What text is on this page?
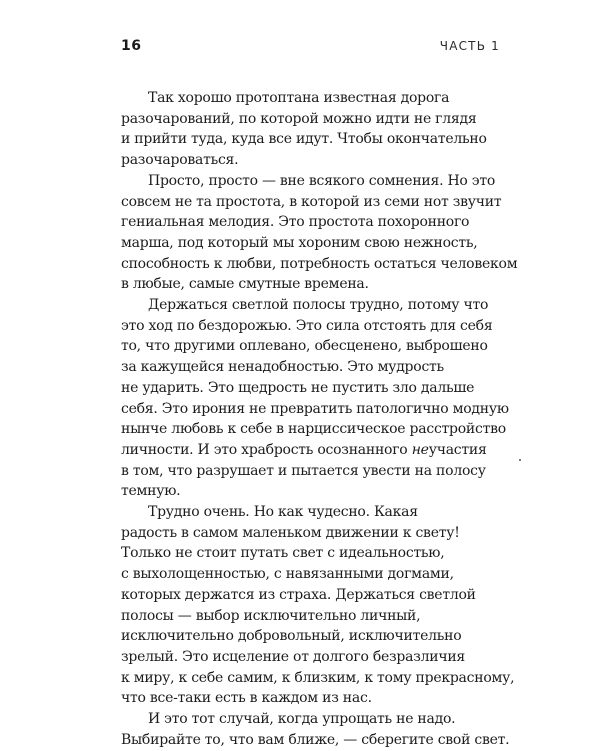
16	ЧАСТЬ 1
Так хорошо протоптана известная дорога
разочарований, по которой можно идти не глядя
и прийти туда, куда все идут. Чтобы окончательно
разочароваться.
Просто, просто — вне всякого сомнения. Но это
совсем не та простота, в которой из семи нот звучит
гениальная мелодия. Это простота похоронного
марша, под который мы хороним свою нежность,
способность к любви, потребность остаться человеком
в любые, самые смутные времена.
Держаться светлой полосы трудно, потому что
это ход по бездорожью. Это сила отстоять для себя
то, что другими оплевано, обесценено, выброшено
за кажущейся ненадобностью. Это мудрость
не ударить. Это щедрость не пустить зло дальше
себя. Это ирония не превратить патологично модную
нынче любовь к себе в нарциссическое расстройство
личности. И это храбрость осознанного неучастия
в том, что разрушает и пытается увести на полосу
темную.
Трудно очень. Но как чудесно. Какая
радость в самом маленьком движении к свету!
Только не стоит путать свет с идеальностью,
с выхолощенностью, с навязанными догмами,
которых держатся из страха. Держаться светлой
полосы — выбор исключительно личный,
исключительно добровольный, исключительно
зрелый. Это исцеление от долгого безразличия
к миру, к себе самим, к близким, к тому прекрасному,
что все-таки есть в каждом из нас.
И это тот случай, когда упрощать не надо.
Выбирайте то, что вам ближе, — сберегите свой свет.
